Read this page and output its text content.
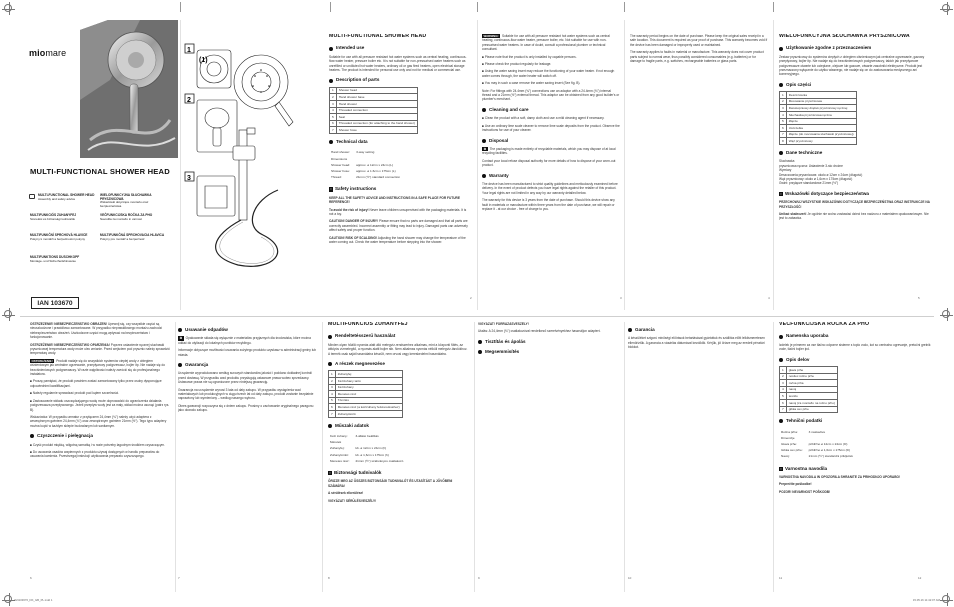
miomare
MULTI-FUNCTIONAL SHOWER HEAD
MULTI-FUNCTIONAL SHOWER HEAD
Assembly and safety advice
WIELOFUNKCYJNA SŁUCHAWKA PRYSZNICOWA
Wskazówki dotyczące montażu oraz bezpieczeństwa
MULTIFUNKCIÓS ZUHANYFEJ
Szerelési és biztonsági tudnivalók
VEČFUNKCIJSKA ROČKA ZA PHO
Navodila za montažo in varnost
MULTIFUNKČNÍ SPRCHOVÁ HLAVICE
Pokyny k montáži a bezpečnostní pokyny
MULTIFUNKČNÁ SPRCHOVACIA HLAVICA
Pokyny pre montáž a bezpečnosť
MULTIFUNKTIONS DUSCHKOPF
Montage- und Sicherheitshinweise
IAN 103670
1
(1)
2
3
MULTI-FUNCTIONAL SHOWER HEAD
Intended use

Suitable for use with all pressure resistant hot water systems such as central heating, continuous-flow water heater, pressure boiler etc. It is not suitable for non-pressurised water heaters such as unrefilled or undiluted hot water heaters, ordinary oil or gas fired heaters, open electrical storage heaters. The product is intended for personal use only and not for medical or commercial use.

Description of parts
1	Shower head
2	Hand shower base
3	Hand shower
4	Threaded connection
5	Seal
6	Threaded connection (for attaching to the hand shower)
7	Shower hose
Technical data
Hand shower:	3-way setting
Dimensions	
Shower head:	approx. ø 12cm x 24cm (L)
Shower hose:	approx. ø 1.6cm x 175cm (L)
Thread:	21mm (½") standard connection
! Safety instructions

KEEP ALL THE SAFETY ADVICE AND INSTRUCTIONS IN A SAFE PLACE FOR FUTURE REFERENCE!

To avoid the risk of injury! Never leave children unsupervised with the packaging materials. It is not a toy.

CAUTION! DANGER OF INJURY! Please ensure that no parts are damaged and that all parts are correctly assembled. Incorrect assembly or fitting may lead to injury. Damaged parts can adversely affect safety and proper function.

CAUTION! RISK OF SCALDING! Adjusting the hand shower may change the temperature of the water coming out. Check the water temperature before stepping into the shower.

WARNING! Suitable for use with all pressure resistant hot water systems such as central heating, continuous-flow water heater, pressure boiler, etc. Not suitable for use with non-pressurised water heaters. In case of doubt, consult a professional plumber or technical consultant.

■ Please note that the product is only installed by capable persons.

■ Please check the product regularly for leakage.

■ Using the water saving insert may reduce the functioning of your water heater. If not enough water comes through, the water heater will switch off.

■ You may in such a case remove the water saving insert (See fig. B).

Note: For fittings with 24.4mm (¾") connections use an adaptor with a 24.4mm (¾") internal thread and a 21mm (½") external thread. This adaptor can be obtained from any good builder's or plumber's merchant.

Cleaning and care

■ Clean the product with a soft, damp cloth and use a mild cleaning agent if necessary.

■ Use an ordinary lime scale cleaner to remove lime scale deposits from the product. Observe the instructions for use of your cleaner.

Disposal

♻ The packaging is made entirely of recyclable materials, which you may dispose of at local recycling facilities.

Contact your local refuse disposal authority for more details of how to dispose of your worn-out product.

Warranty

The device has been manufactured to strict quality guidelines and meticulously examined before delivery. In the event of product defects you have legal rights against the retailer of this product. Your legal rights are not limited in any way by our warranty detailed below.

The warranty for this device is 3 years from the date of purchase. Should this device show any fault in materials or manufacture within three years from the date of purchase, we will repair or replace it - at our choice - free of charge to you.

The warranty period begins on the date of purchase. Please keep the original sales receipt in a safe location. This document is required as your proof of purchase. This warranty becomes void if the device has been damaged or improperly used or maintained.

The warranty applies to faults in material or manufacture. This warranty does not cover product parts subject to normal wear, thus possibly considered consumables (e.g. batteries) or for damage to fragile parts, e.g. switches, rechargeable batteries or glass parts.

WIELOFUNKCYJNA SŁUCHAWKA PRYSZNICOWA
Użytkowanie zgodne z przeznaczeniem

Zestaw prysznicowy do systemów ciepłych z obiegiem ciśnieniowym jak centralne ogrzewanie, gazowy przepływowy, bojler itp. Nie nadaje się do bezciśnieniowych podgrzewaczy, takich jak przepływowe podgrzewacze otwarte lub ocieplane, olejowe lub gazowe, otwarte zasobniki elektryczne. Produkt jest przeznaczony wyłącznie do użytku własnego, nie nadaje się on do zastosowania medycznego ani komercyjnego.

Opis części
1	Deszczownia
2	Mocowanie prysznicowe
3	Dwustopniowy drążek prysznicowy ręcznej
4	Słuchawka prysznicowa ręczna
5	Złącze
6	Uszczelka
7	Złącze (do mocowania słuchawki prysznicowej)
8	Wąż prysznicowy
Dane techniczne

Słuchawka

prysznicowa ręczna: Ustawienie 3-sto drożne

Wymiary

Deszczownia prysznicowa: około ø 12cm x 24cm (długość)

Wąż prysznicowy: około ø 1,6cm x 175cm (długość)

Gwint: przyłącze standardowe 21mm (½")

! Wskazówki dotyczące bezpieczeństwa

PRZECHOWUJ WSZYSTKIE WSKAZÓWKI DOTYCZĄCE BEZPIECZEŃSTWA ORAZ INSTRUKCJE NA PRZYSZŁOŚĆ!

Unikać skaleczeń! Je ogólnie nie wolno zostawiać dzieci bez nadzoru z materiałem opakowaniowym. Nie jest to zabawka.

OSTRZEŻENIE! NIEBEZPIECZEŃSTWO OBRAŻEŃ! Upewnij się, czy wszystkie części są nieuszkodzone i prawidłowo zamontowane. W przypadku nieprawidłowego montażu zachodzi niebezpieczeństwo obrażeń. Uszkodzone części mogą wpływać na bezpieczeństwo i funkcjonowanie.

OSTRZEŻENIE! NIEBEZPIECZEŃSTWO OPARZENIA! Poprzez ustawienie ręcznej słuchawki prysznicowej temperatura wody może ulec zmianie. Przed wejściem pod prysznic należy sprawdzić temperaturę wody.

OSTRZEŻENIE! Produkt nadaje się do wszystkich systemów ciepłej wody z obiegiem ciśnieniowym jak centralne ogrzewanie, przepływowy podgrzewacz, bojler itp. Nie nadaje się do bezciśnieniowych podgrzewaczy. W razie wątpliwości należy zwrócić się do profesjonalnego instalatora.

■ Proszę pamiętać, że produkt powinien zostać zamontowany tylko przez osoby dysponujące odpowiednimi kwalifikacjami.

■ Należy regularnie sprawdzać produkt pod kątem szczelności.

■ Zastosowanie wkładu oszczędzającego wodę może doprowadzić do ograniczenia działania podgrzewacza przepływowego. Jeżeli przepływ wody jest za mały, wkład można usunąć (patrz rys. B).

Wskazówka: W przypadku armatur z przyłączem 24,4mm (¾") należy użyć adaptera z wewnętrznym gwintem 24,4mm (¾") oraz zewnętrznym gwintem 21mm (½"). Tego typu adaptery można kupić w każdym sklepie budowlanym lub sanitarnym.

Czyszczenie i pielęgnacja

■ Czyść produkt miękką, wilgotną szmatką i w razie potrzeby łagodnym środkiem czyszczącym.

■ Do usuwania osadów wapiennych z produktu używaj dostępnych w handlu preparatów do usuwania kamienia. Przestrzegaj instrukcji użytkowania preparatu czyszczącego.

Usuwanie odpadów

♻ Opakowanie składa się wyłącznie z materiałów przyjaznych dla środowiska, które można oddać do utylizacji do lokalnych punktów recyklingu.

Informacje dotyczące możliwości usuwania zużytego produktu uzyskasz w administracji gminy lub miasta.

Gwarancja

Urządzenie wyprodukowano według surowych standardów jakości i poddano dokładnej kontroli przed dostawą. W przypadku wad produktu przysługują ustawowe prawa wobec sprzedawcy. Ustawowe prawa nie są ograniczone przez niniejszą gwarancję.

Gwarancja na urządzenie wynosi 3 lata od daty zakupu. W przypadku wystąpienia wad materiałowych lub produkcyjnych w ciągu trzech lat od daty zakupu, produkt zostanie bezpłatnie naprawiony lub wymieniony – według naszego wyboru.

Okres gwarancji rozpoczyna się z dniem zakupu. Prosimy o zachowanie oryginalnego paragonu jako dowodu zakupu.

MULTIFUNKCIÓS ZUHANYFEJ
Rendeltetésszerű használat

Minden olyan hőálló nyomás alatt álló melegvíz-rendszerhez alkalmas, mint a központi fűtés, az átfolyós vízmelegítő, a nyomás alatti bojler stb. Nem alkalmas nyomás nélküli melegvíz-tárolókhoz. A termék csak saját használatra készült, nem orvosi vagy kereskedelmi használatra.

A részek megnevezése
1	Zuhanyfej
2	Kézizuhany tartó
3	Kézizuhany
4	Menetes rész
5	Tömítés
6	Menetes rész (a kézizuhany felszereléséhez)
7	Zuhanytömlő
Műszaki adatok
Kézi zuhany:	3-állású beállítás
Méretek	
Zuhanyfej:	kb. ø 12cm x 24cm (h)
Zuhanytömlő:	kb. ø 1,6cm x 175cm (h)
Menetes rész:	21mm (½") szabványos csatlakozó
! Biztonsági tudnivalók

ŐRIZZE MEG AZ ÖSSZES BIZTONSÁGI TUDNIVALÓT ÉS UTASÍTÁST A JÖVŐBENI SZÁMÁRA!

A sérülések elkerülése!

VIGYÁZAT! SÉRÜLÉSVESZÉLY!

VIGYÁZAT! FORRÁZÁSVESZÉLY!

Utalás: A 24,4mm (¾") csatlakozóval rendelkező szerelvényekhez használjon adaptert.

Tisztítás és ápolás
Megsemmisítés
Garancia

A készüléket szigorú minőségi előírások betartásával gyártottuk és szállítás előtt lelkiismeretesen ellenőriztük. A garancia a vásárlás dátumával kezdődik. Kérjük, jól őrizze meg az eredeti pénztári blokkot.

VEČFUNKCIJSKA ROČKA ZA PHO
Namenska uporaba

Izdelek je primeren za vse tlačno odporne sisteme s toplo vodo, kot so centralno ogrevanje, pretočni grelnik vode, tlačni bojler ipd.

Opis delov
1	glava prhe
2	nosilec ročne prhe
3	ročna prha
4	navoj
5	tesnilo
6	navoj (za montažo na ročno prho)
7	gibka cev prhe
Tehnični podatki
Ročna prha:	3 nastavitve
Dimenzije	
Glava prhe:	približno ø 12cm x 24cm (D)
Gibka cev prhe:	približno ø 1,6cm x 175cm (D)
Navoj:	21mm (½") standardni priključek
! Varnostna navodila

VARNOSTNA NAVODILA IN OPOZORILA SHRANITE ZA PRIHODNJO UPORABO!

Preprečite poškodbe!

POZOR! NEVARNOST POŠKODB!

2	3	4	5
6	7	8	9	10	11	12
IAN103670_DK_GB_PL.indd 1	15.05.16 11:42:07 AM
